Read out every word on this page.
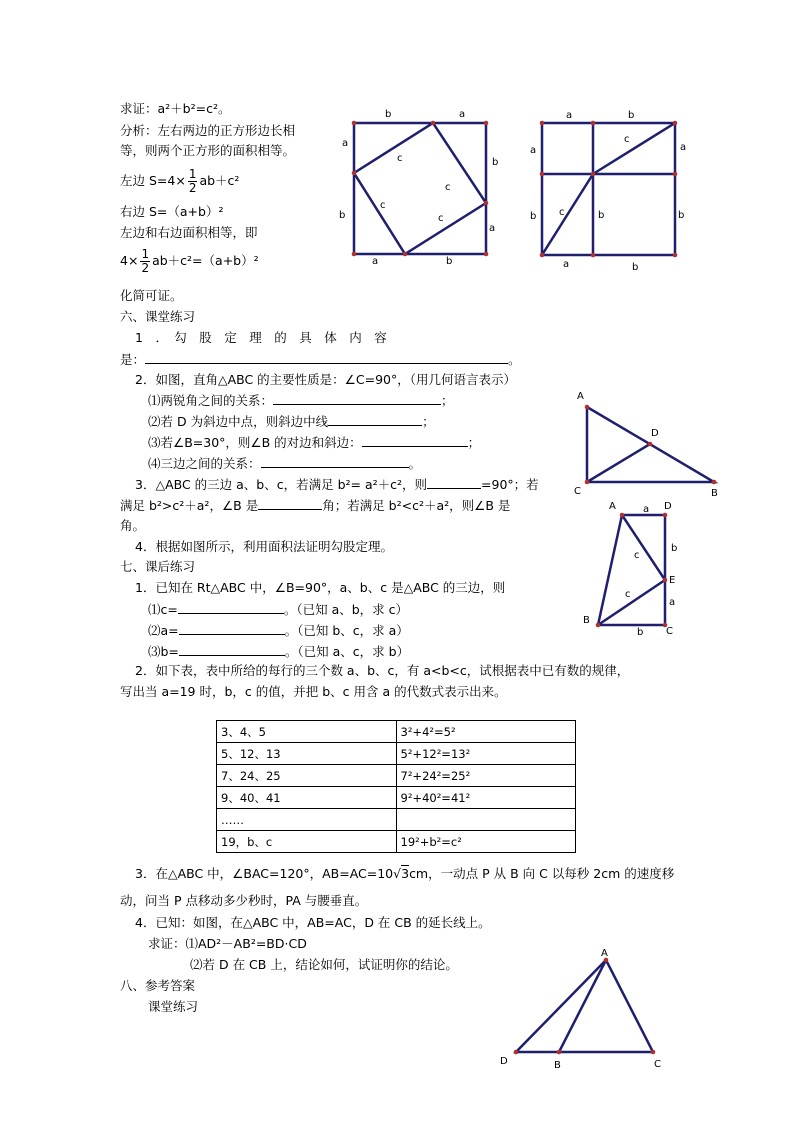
求证：a²＋b²=c²。
分析：左右两边的正方形边长相
等，则两个正方形的面积相等。
左边 $S=4\times \frac{1}{2} ab+c^2$
右边 S=（a+b）²
左边和右边面积相等，即
$4\times \frac{1}{2} ab+c^2=(a+b)^2$
化简可证。
六、课堂练习
1　．　勾　股　定　理　的　具　体　内　容
是：	。
2．如图，直角△ABC 的主要性质是：∠C=90°，（用几何语言表示）
⑴两锐角之间的关系：	；
⑵若 D 为斜边中点，则斜边中线	；
⑶若∠B=30°，则∠B 的对边和斜边：	；
⑷三边之间的关系：	。
3．△ABC 的三边 a、b、c，若满足 b²= a²＋c²，则	=90°；若
满足 b²>c²＋a²，∠B 是	角；若满足 b²<c²＋a²，则∠B 是
角。
4．根据如图所示，利用面积法证明勾股定理。
七、课后练习
1．已知在 Rt△ABC 中，∠B=90°，a、b、c 是△ABC 的三边，则
⑴c=	。（已知 a、b，求 c）
⑵a=	。（已知 b、c，求 a）
⑶b=	。（已知 a、c，求 b）
2．如下表，表中所给的每行的三个数 a、b、c，有 a<b<c，试根据表中已有数的规律，
写出当 a=19 时，b，c 的值，并把 b、c 用含 a 的代数式表示出来。
3、4、5	3²+4²=5²
5、12、13	5²+12²=13²
7、24、25	7²+24²=25²
9、40、41	9²+40²=41²
……	
19，b、c	19²+b²=c²
3．在△ABC 中，∠BAC=120°，AB=AC=10√3cm，一动点 P 从 B 向 C 以每秒 2cm 的速度移
动，问当 P 点移动多少秒时，PA 与腰垂直。
4．已知：如图，在△ABC 中，AB=AC，D 在 CB 的延长线上。
求证：⑴AD²－AB²=BD·CD
⑵若 D 在 CB 上，结论如何，试证明你的结论。
八、参考答案
课堂练习
b	a
a
b
c
c
c
c
b
a
a	b
a	b
a	a
c
b c	b	b
a	b
A
D
C	B
A	a D
b
c
E
c
a
B
b C
A
D	B	C
